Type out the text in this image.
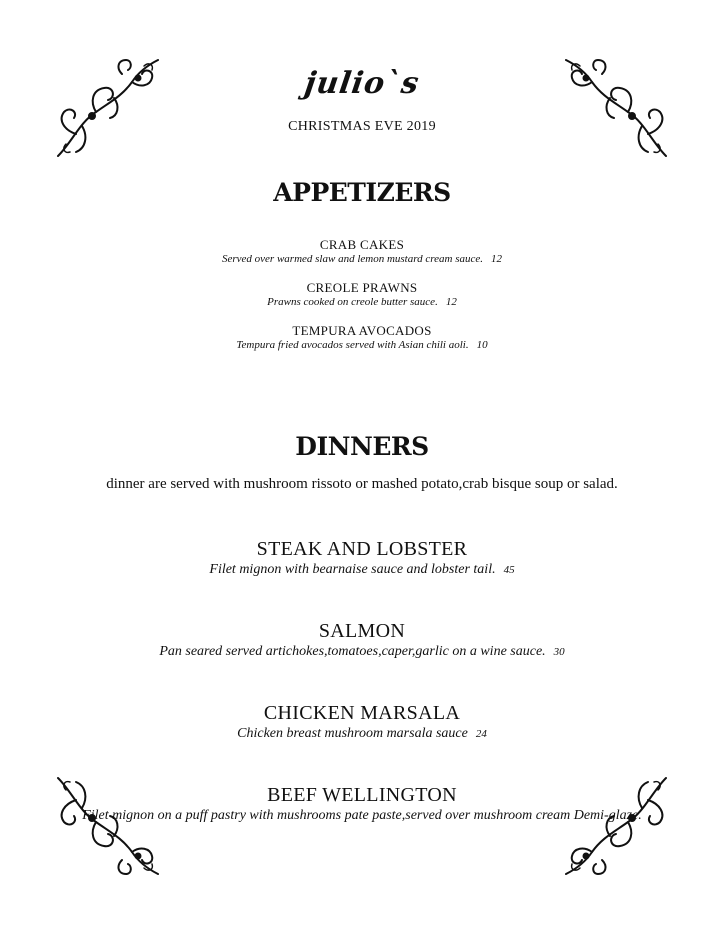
julio`s
CHRISTMAS EVE 2019
APPETIZERS
CRAB CAKES
Served over warmed slaw and lemon mustard cream sauce. 12
CREOLE PRAWNS
Prawns cooked on creole butter sauce. 12
TEMPURA AVOCADOS
Tempura fried avocados served with Asian chili aoli. 10
DINNERS
dinner are served with mushroom rissoto or mashed potato,crab bisque soup or salad.
STEAK AND LOBSTER
Filet mignon with bearnaise sauce and lobster tail. 45
SALMON
Pan seared served artichokes,tomatoes,caper,garlic on a wine sauce. 30
CHICKEN MARSALA
Chicken breast mushroom marsala sauce 24
BEEF WELLINGTON
Filet mignon on a puff pastry with mushrooms pate paste,served over mushroom cream Demi-glaze.
